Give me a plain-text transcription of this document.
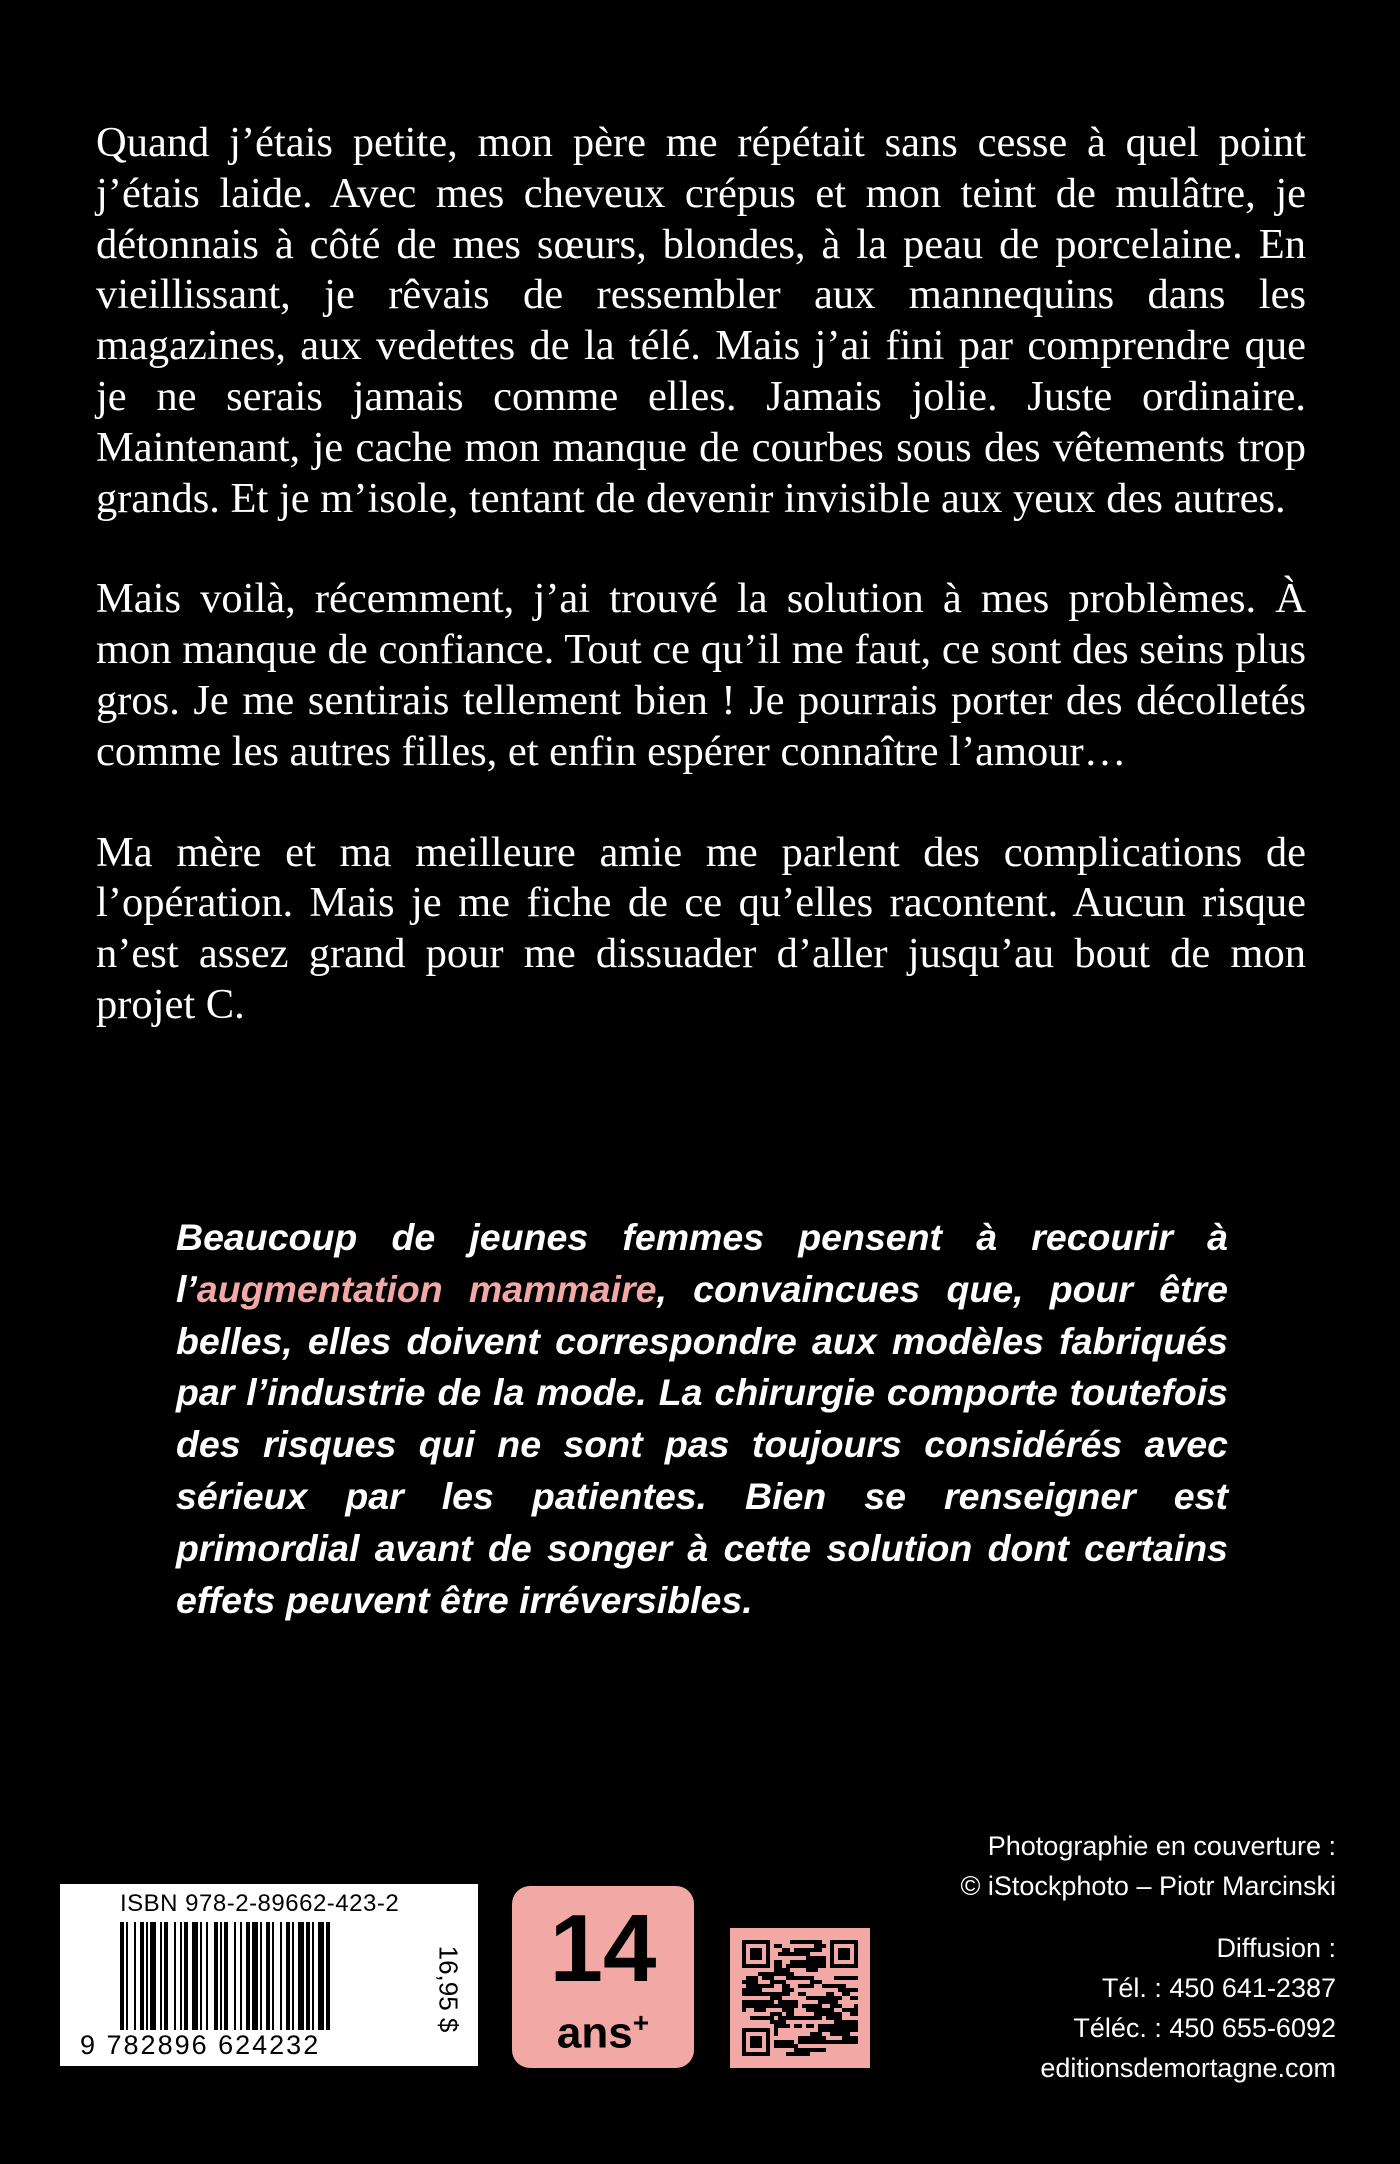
Quand j’étais petite, mon père me répétait sans cesse à quel point j’étais laide. Avec mes cheveux crépus et mon teint de mulâtre, je détonnais à côté de mes sœurs, blondes, à la peau de porcelaine. En vieillissant, je rêvais de ressembler aux mannequins dans les magazines, aux vedettes de la télé. Mais j’ai fini par comprendre que je ne serais jamais comme elles. Jamais jolie. Juste ordinaire. Maintenant, je cache mon manque de courbes sous des vêtements trop grands. Et je m’isole, tentant de devenir invisible aux yeux des autres.

Mais voilà, récemment, j’ai trouvé la solution à mes problèmes. À mon manque de confiance. Tout ce qu’il me faut, ce sont des seins plus gros. Je me sentirais tellement bien ! Je pourrais porter des décolletés comme les autres filles, et enfin espérer connaître l’amour…

Ma mère et ma meilleure amie me parlent des complications de l’opération. Mais je me fiche de ce qu’elles racontent. Aucun risque n’est assez grand pour me dissuader d’aller jusqu’au bout de mon projet C.

Beaucoup de jeunes femmes pensent à recourir à l’augmentation mammaire, convaincues que, pour être belles, elles doivent correspondre aux modèles fabriqués par l’industrie de la mode. La chirurgie comporte toutefois des risques qui ne sont pas toujours considérés avec sérieux par les patientes. Bien se renseigner est primordial avant de songer à cette solution dont certains effets peuvent être irréversibles.

Photographie en couverture :

© iStockphoto – Piotr Marcinski

Diffusion :

Tél. : 450 641-2387

Téléc. : 450 655-6092

editionsdemortagne.com

ISBN 978-2-89662-423-2
9 782896 624232
16,95 $ 14
ans+
